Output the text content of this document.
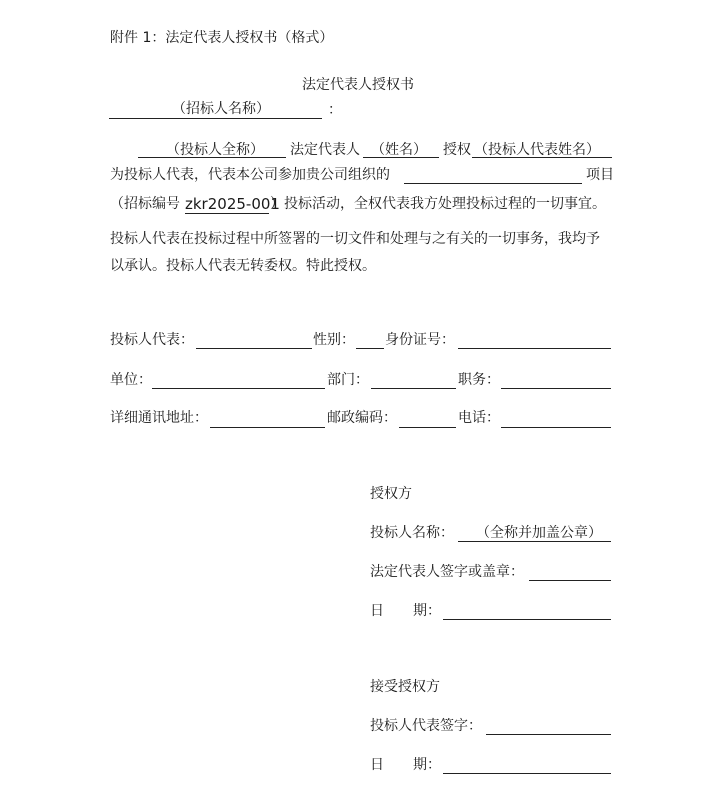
附件 1：法定代表人授权书（格式）
法定代表人授权书
（招标人名称）	：
（投标人全称） 法定代表人 （姓名） 授权 （投标人代表姓名）
为投标人代表，代表本公司参加贵公司组织的	项目
（招标编号 zkr2025-001
）投标活动，全权代表我方处理投标过程的一切事宜。
投标人代表在投标过程中所签署的一切文件和处理与之有关的一切事务，我均予
以承认。投标人代表无转委权。特此授权。
投标人代表：	性别： 身份证号：
单位：	部门：	职务：
详细通讯地址：	邮政编码：	电话：
授权方
投标人名称： （全称并加盖公章）
法定代表人签字或盖章：
日 期：
接受授权方
投标人代表签字：
日 期：
